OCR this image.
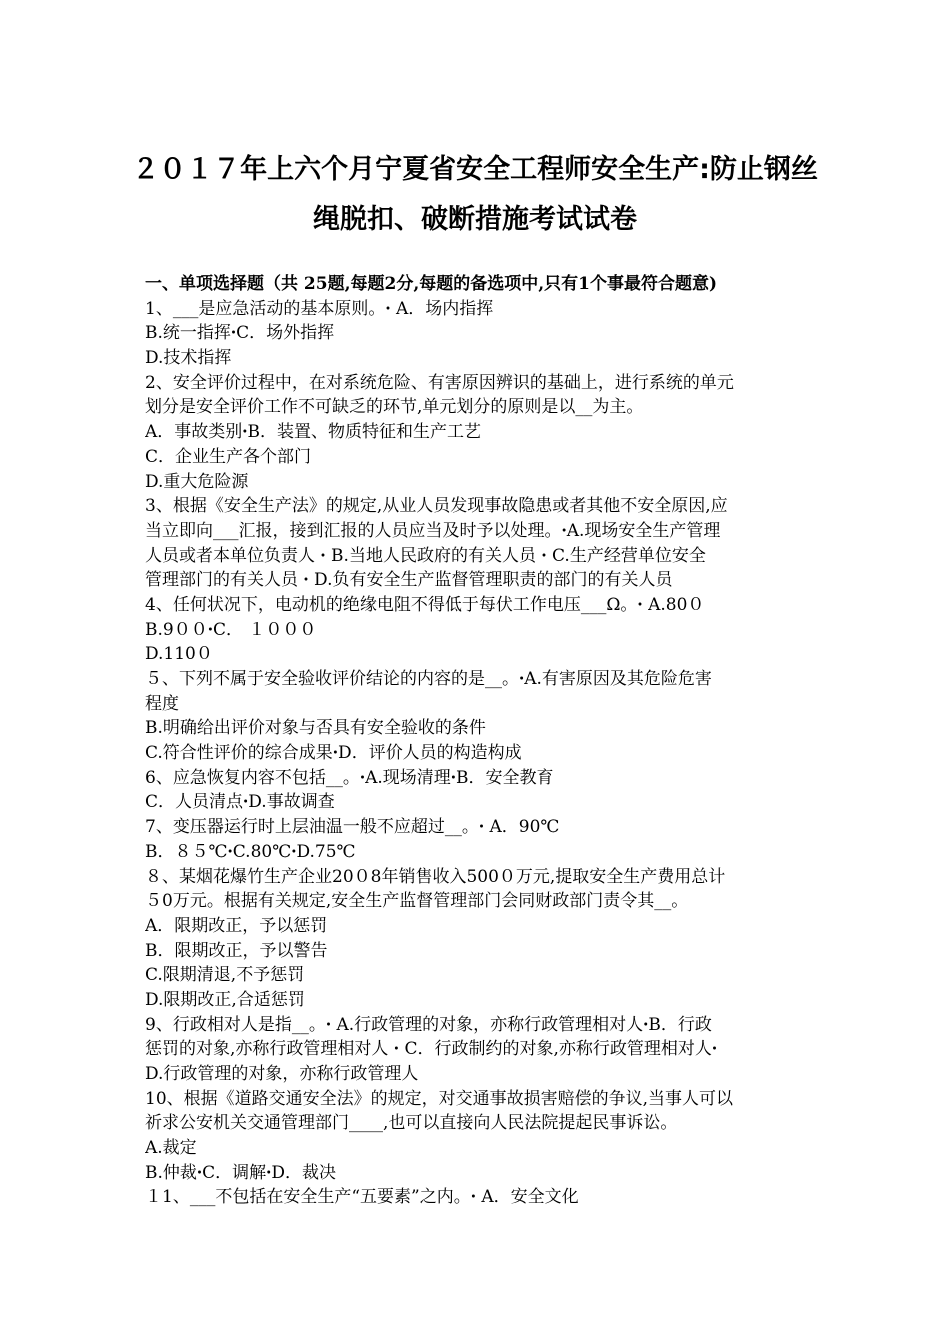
２０１７年上六个月宁夏省安全工程师安全生产:防止钢丝
绳脱扣、破断措施考试试卷
一、单项选择题（共 25题,每题2分,每题的备选项中,只有1个事最符合题意)
1、___是应急活动的基本原则。ꞏ A．场内指挥
B.统一指挥ꞏC．场外指挥
D.技术指挥
2、安全评价过程中，在对系统危险、有害原因辨识的基础上，进行系统的单元
划分是安全评价工作不可缺乏的环节,单元划分的原则是以__为主。
A．事故类别ꞏB．装置、物质特征和生产工艺
C．企业生产各个部门
D.重大危险源
3、根据《安全生产法》的规定,从业人员发现事故隐患或者其他不安全原因,应
当立即向___汇报，接到汇报的人员应当及时予以处理。ꞏA.现场安全生产管理
人员或者本单位负责人 ꞏ B.当地人民政府的有关人员 ꞏ C.生产经营单位安全
管理部门的有关人员 ꞏ D.负有安全生产监督管理职责的部门的有关人员
4、任何状况下，电动机的绝缘电阻不得低于每伏工作电压___Ω。ꞏ A.80０
B.9００ꞏC． １０００
D.110０
５、下列不属于安全验收评价结论的内容的是__。ꞏA.有害原因及其危险危害
程度
B.明确给出评价对象与否具有安全验收的条件
C.符合性评价的综合成果ꞏD．评价人员的构造构成
6、应急恢复内容不包括__。ꞏA.现场清理ꞏB．安全教育
C．人员清点ꞏD.事故调查
7、变压器运行时上层油温一般不应超过__。ꞏ A．90℃
B．８５℃ꞏC.80℃ꞏD.75℃
８、某烟花爆竹生产企业20０8年销售收入500０万元,提取安全生产费用总计
５0万元。根据有关规定,安全生产监督管理部门会同财政部门责令其__。
A．限期改正，予以惩罚
B．限期改正，予以警告
C.限期清退,不予惩罚
D.限期改正,合适惩罚
9、行政相对人是指__。ꞏ A.行政管理的对象，亦称行政管理相对人ꞏB．行政
惩罚的对象,亦称行政管理相对人 ꞏ C．行政制约的对象,亦称行政管理相对人ꞏ
D.行政管理的对象，亦称行政管理人
10、根据《道路交通安全法》的规定，对交通事故损害赔偿的争议,当事人可以
祈求公安机关交通管理部门____,也可以直接向人民法院提起民事诉讼。
A.裁定
B.仲裁ꞏC．调解ꞏD．裁决
１1、___不包括在安全生产“五要素”之内。ꞏ A．安全文化
